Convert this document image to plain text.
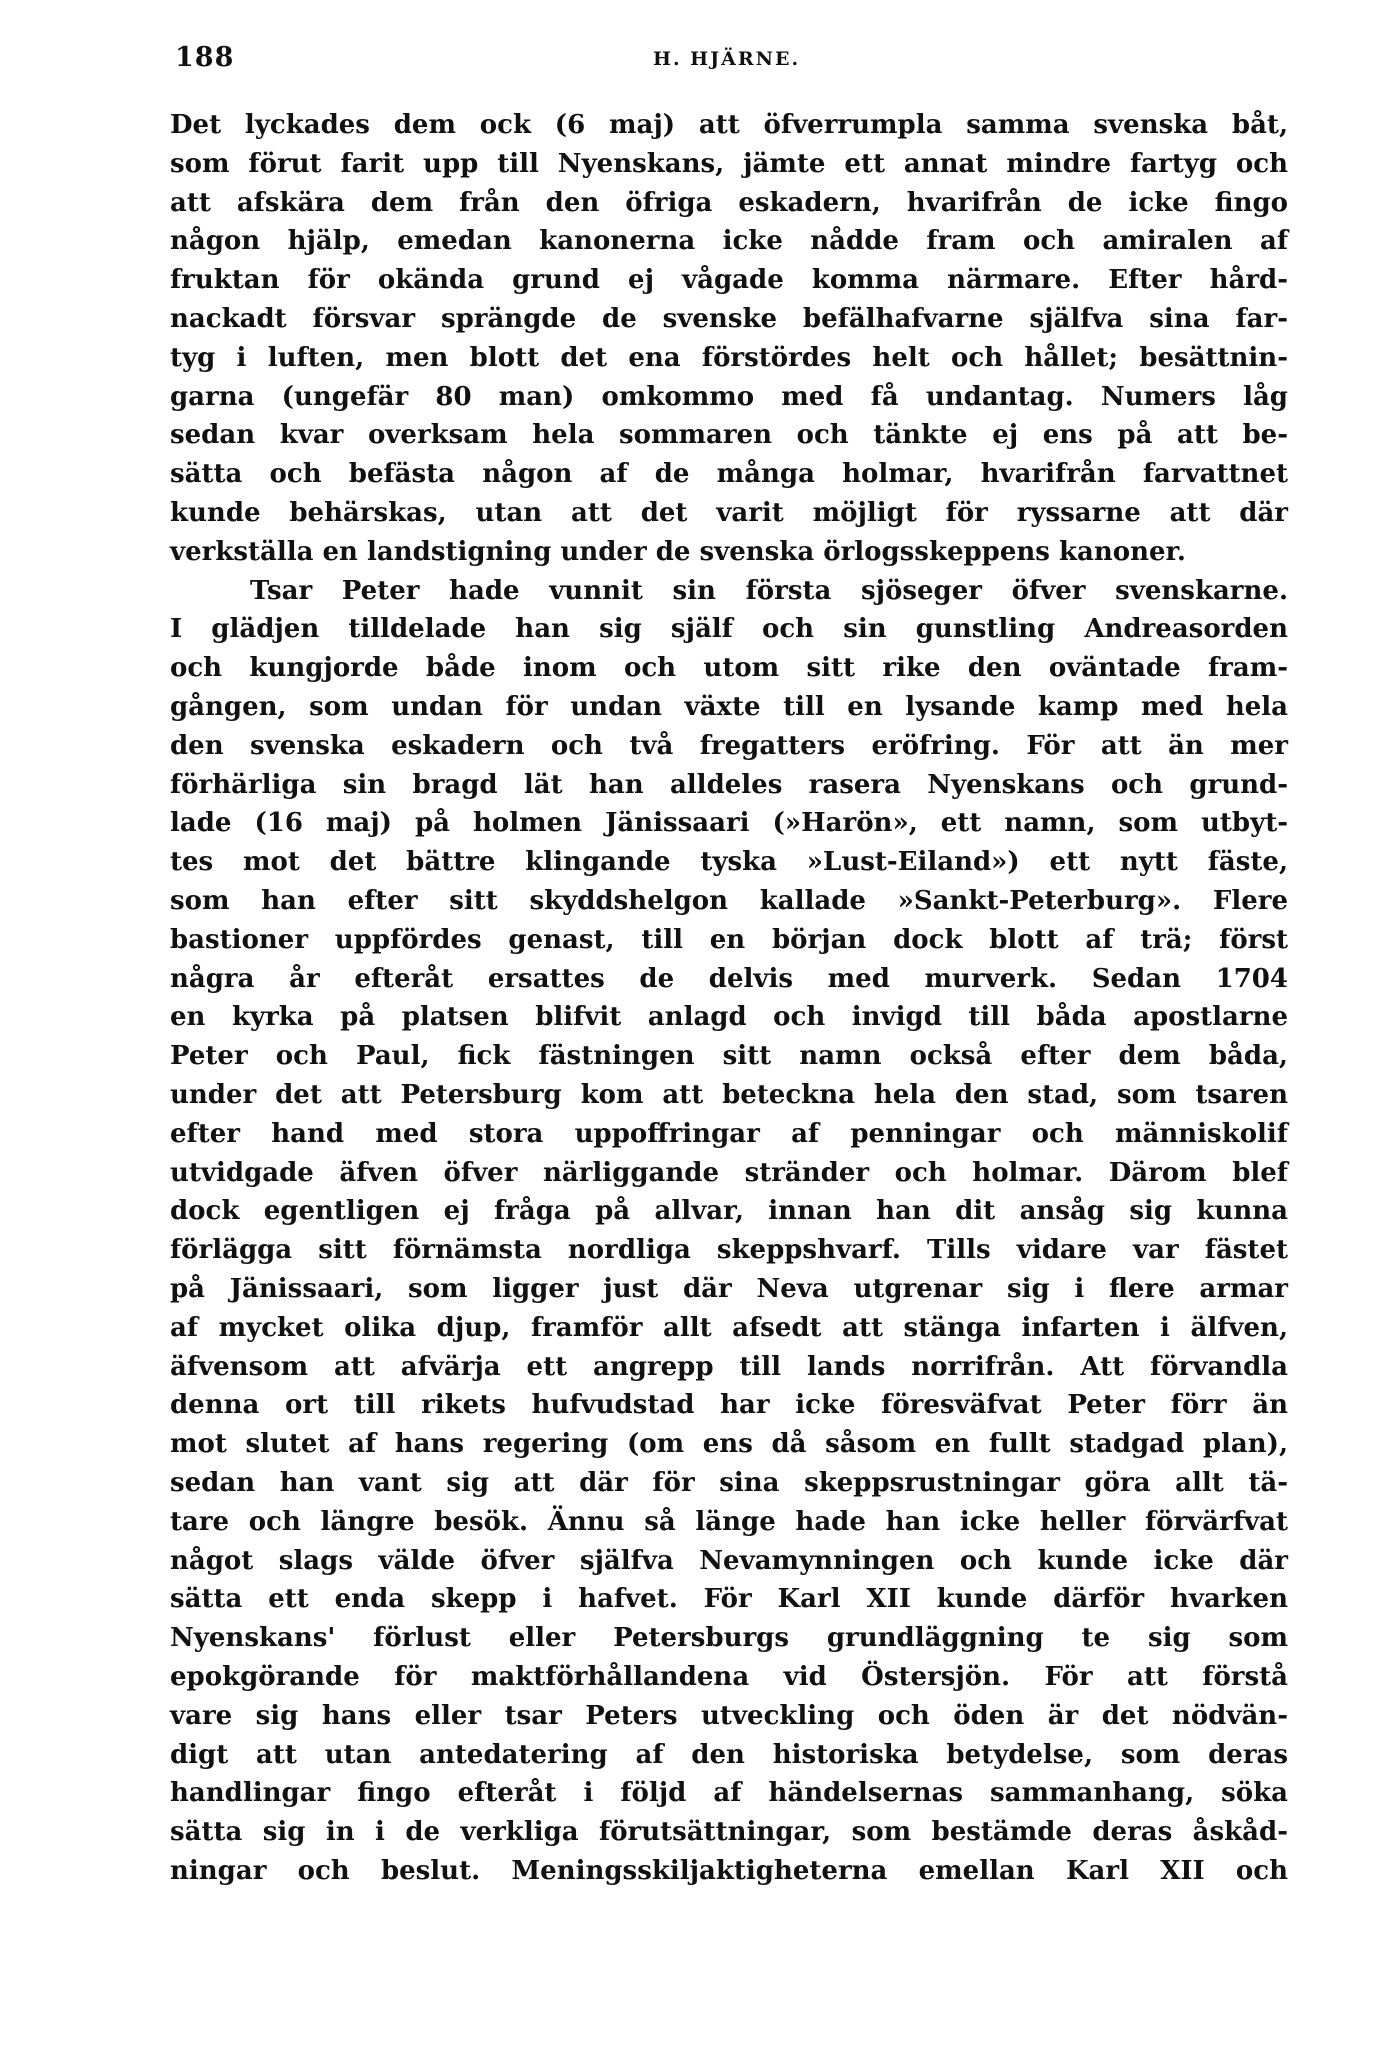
188	H. HJÄRNE.
Det lyckades dem ock (6 maj) att öfverrumpla samma svenska båt,
som förut farit upp till Nyenskans, jämte ett annat mindre fartyg och
att afskära dem från den öfriga eskadern, hvarifrån de icke fingo
någon hjälp, emedan kanonerna icke nådde fram och amiralen af
fruktan för okända grund ej vågade komma närmare. Efter hård-
nackadt försvar sprängde de svenske befälhafvarne själfva sina far-
tyg i luften, men blott det ena förstördes helt och hållet; besättnin-
garna (ungefär 80 man) omkommo med få undantag. Numers låg
sedan kvar overksam hela sommaren och tänkte ej ens på att be-
sätta och befästa någon af de många holmar, hvarifrån farvattnet
kunde behärskas, utan att det varit möjligt för ryssarne att där
verkställa en landstigning under de svenska örlogsskeppens kanoner.
Tsar Peter hade vunnit sin första sjöseger öfver svenskarne.
I glädjen tilldelade han sig själf och sin gunstling Andreasorden
och kungjorde både inom och utom sitt rike den oväntade fram-
gången, som undan för undan växte till en lysande kamp med hela
den svenska eskadern och två fregatters eröfring. För att än mer
förhärliga sin bragd lät han alldeles rasera Nyenskans och grund-
lade (16 maj) på holmen Jänissaari (»Harön», ett namn, som utbyt-
tes mot det bättre klingande tyska »Lust-Eiland») ett nytt fäste,
som han efter sitt skyddshelgon kallade »Sankt-Peterburg». Flere
bastioner uppfördes genast, till en början dock blott af trä; först
några år efteråt ersattes de delvis med murverk. Sedan 1704
en kyrka på platsen blifvit anlagd och invigd till båda apostlarne
Peter och Paul, fick fästningen sitt namn också efter dem båda,
under det att Petersburg kom att beteckna hela den stad, som tsaren
efter hand med stora uppoffringar af penningar och människolif
utvidgade äfven öfver närliggande stränder och holmar. Därom blef
dock egentligen ej fråga på allvar, innan han dit ansåg sig kunna
förlägga sitt förnämsta nordliga skeppshvarf. Tills vidare var fästet
på Jänissaari, som ligger just där Neva utgrenar sig i flere armar
af mycket olika djup, framför allt afsedt att stänga infarten i älfven,
äfvensom att afvärja ett angrepp till lands norrifrån. Att förvandla
denna ort till rikets hufvudstad har icke föresväfvat Peter förr än
mot slutet af hans regering (om ens då såsom en fullt stadgad plan),
sedan han vant sig att där för sina skeppsrustningar göra allt tä-
tare och längre besök. Ännu så länge hade han icke heller förvärfvat
något slags välde öfver själfva Nevamynningen och kunde icke där
sätta ett enda skepp i hafvet. För Karl XII kunde därför hvarken
Nyenskans' förlust eller Petersburgs grundläggning te sig som
epokgörande för maktförhållandena vid Östersjön. För att förstå
vare sig hans eller tsar Peters utveckling och öden är det nödvän-
digt att utan antedatering af den historiska betydelse, som deras
handlingar fingo efteråt i följd af händelsernas sammanhang, söka
sätta sig in i de verkliga förutsättningar, som bestämde deras åskåd-
ningar och beslut. Meningsskiljaktigheterna emellan Karl XII och
